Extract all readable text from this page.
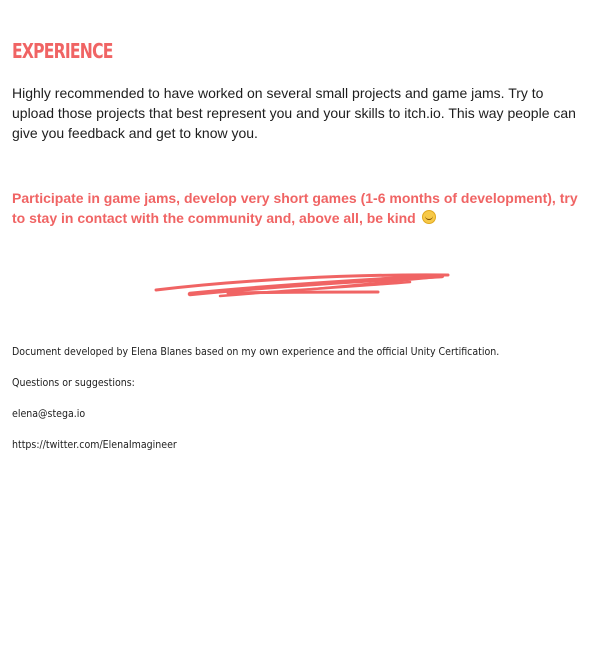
EXPERIENCE

Highly recommended to have worked on several small projects and game jams. Try to upload those projects that best represent you and your skills to itch.io. This way people can give you feedback and get to know you.

Participate in game jams, develop very short games (1-6 months of development), try to stay in contact with the community and, above all, be kind

Document developed by Elena Blanes based on my own experience and the official Unity Certification.

Questions or suggestions:

elena@stega.io

https://twitter.com/ElenaImagineer
